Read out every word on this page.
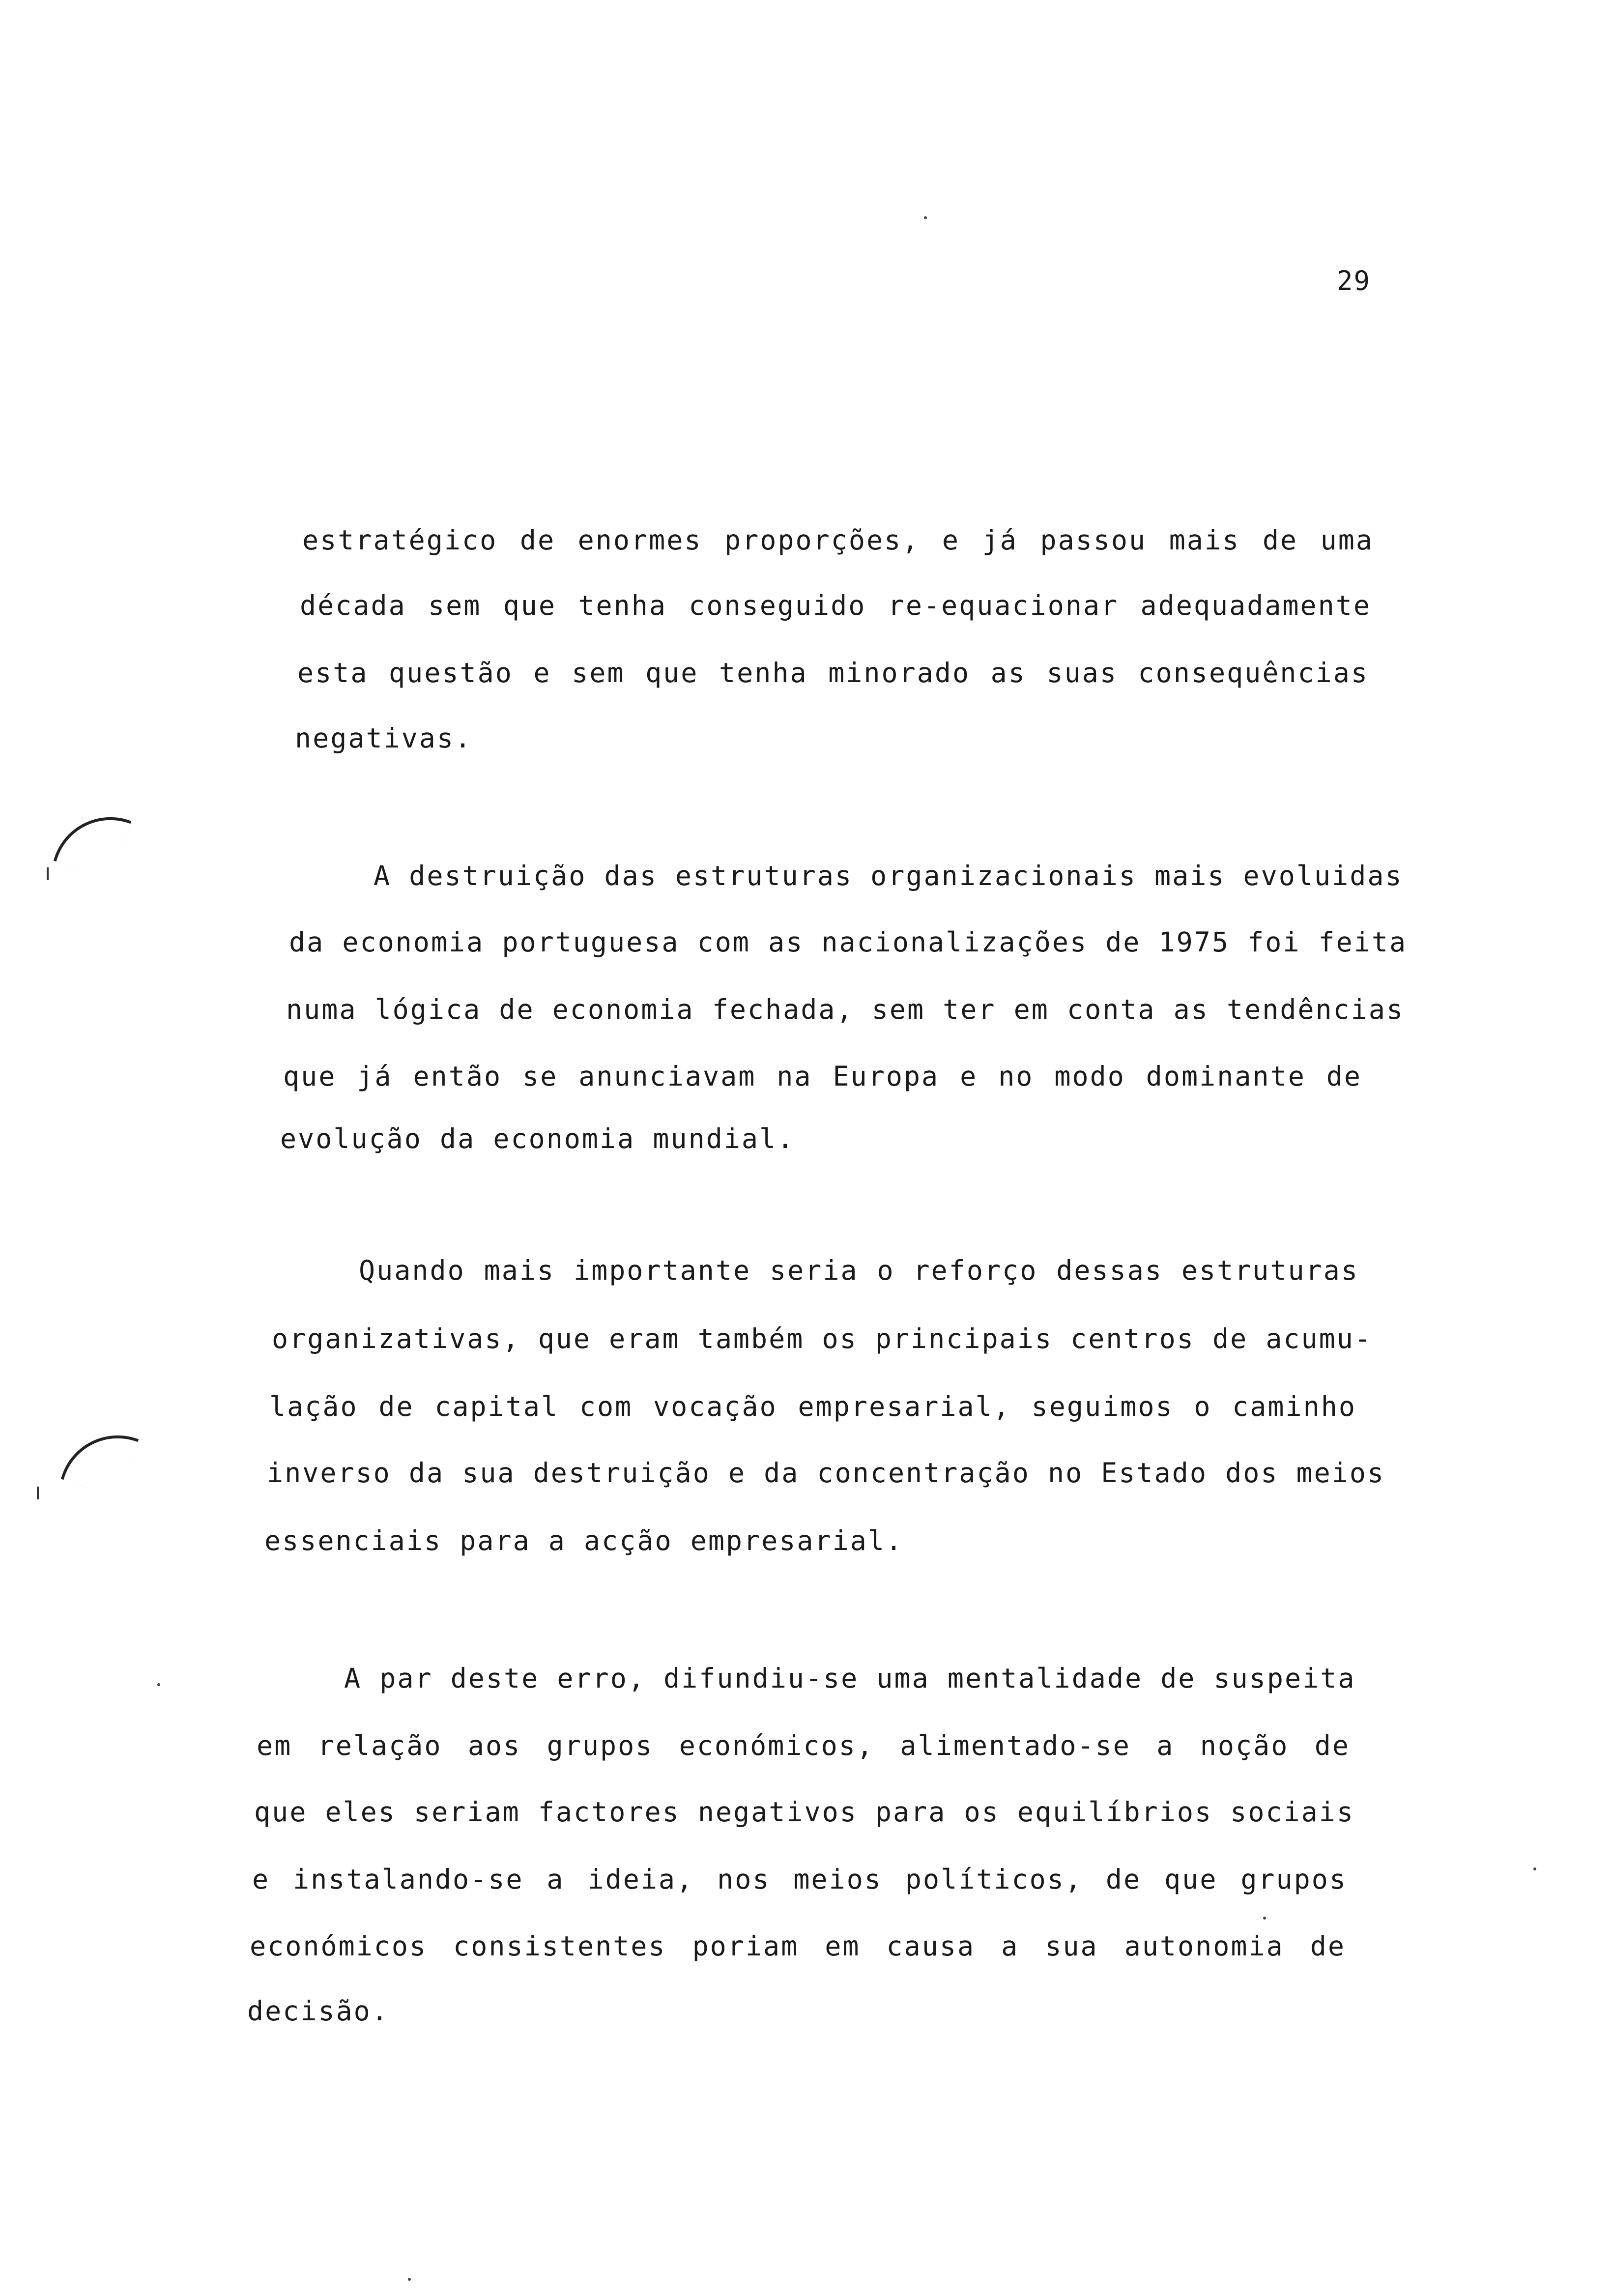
29
estratégico de enormes proporções, e já passou mais de uma
década sem que tenha conseguido re-equacionar adequadamente
esta questão e sem que tenha minorado as suas consequências
negativas.
A destruição das estruturas organizacionais mais evoluidas
da economia portuguesa com as nacionalizações de 1975 foi feita
numa lógica de economia fechada, sem ter em conta as tendências
que já então se anunciavam na Europa e no modo dominante de
evolução da economia mundial.
Quando mais importante seria o reforço dessas estruturas
organizativas, que eram também os principais centros de acumu-
lação de capital com vocação empresarial, seguimos o caminho
inverso da sua destruição e da concentração no Estado dos meios
essenciais para a acção empresarial.
A par deste erro, difundiu-se uma mentalidade de suspeita
em relação aos grupos económicos, alimentado-se a noção de
que eles seriam factores negativos para os equilíbrios sociais
e instalando-se a ideia, nos meios políticos, de que grupos
económicos consistentes poriam em causa a sua autonomia de
decisão.
